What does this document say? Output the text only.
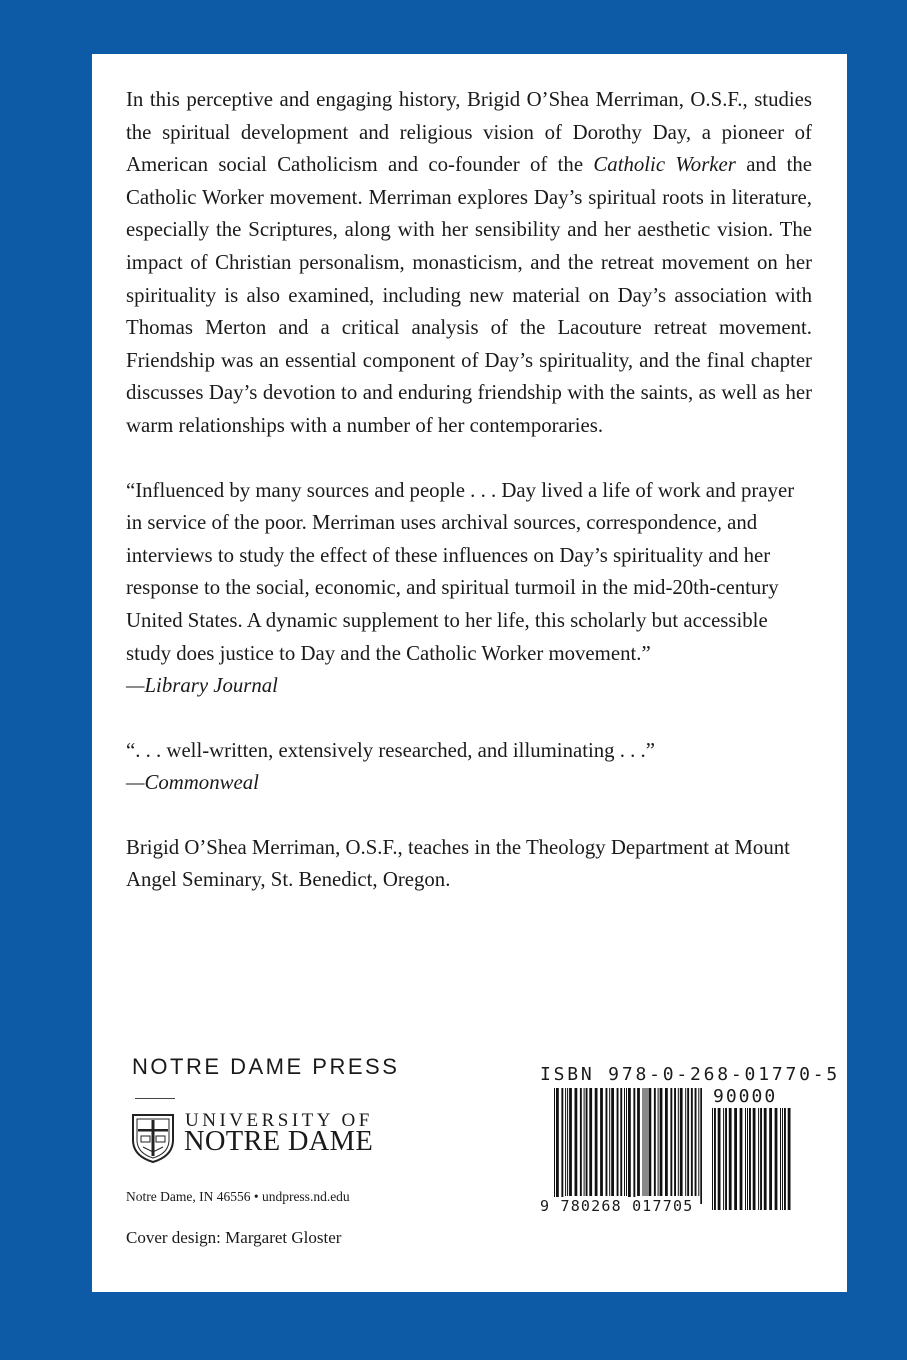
In this perceptive and engaging history, Brigid O’Shea Merriman, O.S.F., studies the spiritual development and religious vision of Dorothy Day, a pioneer of American social Catholicism and co-founder of the Catholic Worker and the Catholic Worker movement. Merriman explores Day’s spiritual roots in literature, especially the Scriptures, along with her sensibility and her aesthetic vision. The impact of Christian personalism, monasticism, and the retreat movement on her spirituality is also examined, including new material on Day’s association with Thomas Merton and a critical analysis of the Lacouture retreat movement. Friendship was an essential component of Day’s spirituality, and the final chapter discusses Day’s devotion to and enduring friendship with the saints, as well as her warm relationships with a number of her contemporaries.

“Influenced by many sources and people . . . Day lived a life of work and prayer in service of the poor. Merriman uses archival sources, correspondence, and interviews to study the effect of these influences on Day’s spirituality and her response to the social, economic, and spiritual turmoil in the mid-20th-century United States. A dynamic supplement to her life, this scholarly but accessible study does justice to Day and the Catholic Worker movement.”
—Library Journal

“. . . well-written, extensively researched, and illuminating . . .”
—Commonweal

Brigid O’Shea Merriman, O.S.F., teaches in the Theology Department at Mount Angel Seminary, St. Benedict, Oregon.

NOTRE DAME PRESS
UNIVERSITY OF
NOTRE DAME
Notre Dame, IN 46556 • undpress.nd.edu
Cover design: Margaret Gloster
ISBN 978-0-268-01770-5
90000
9 780268 017705
